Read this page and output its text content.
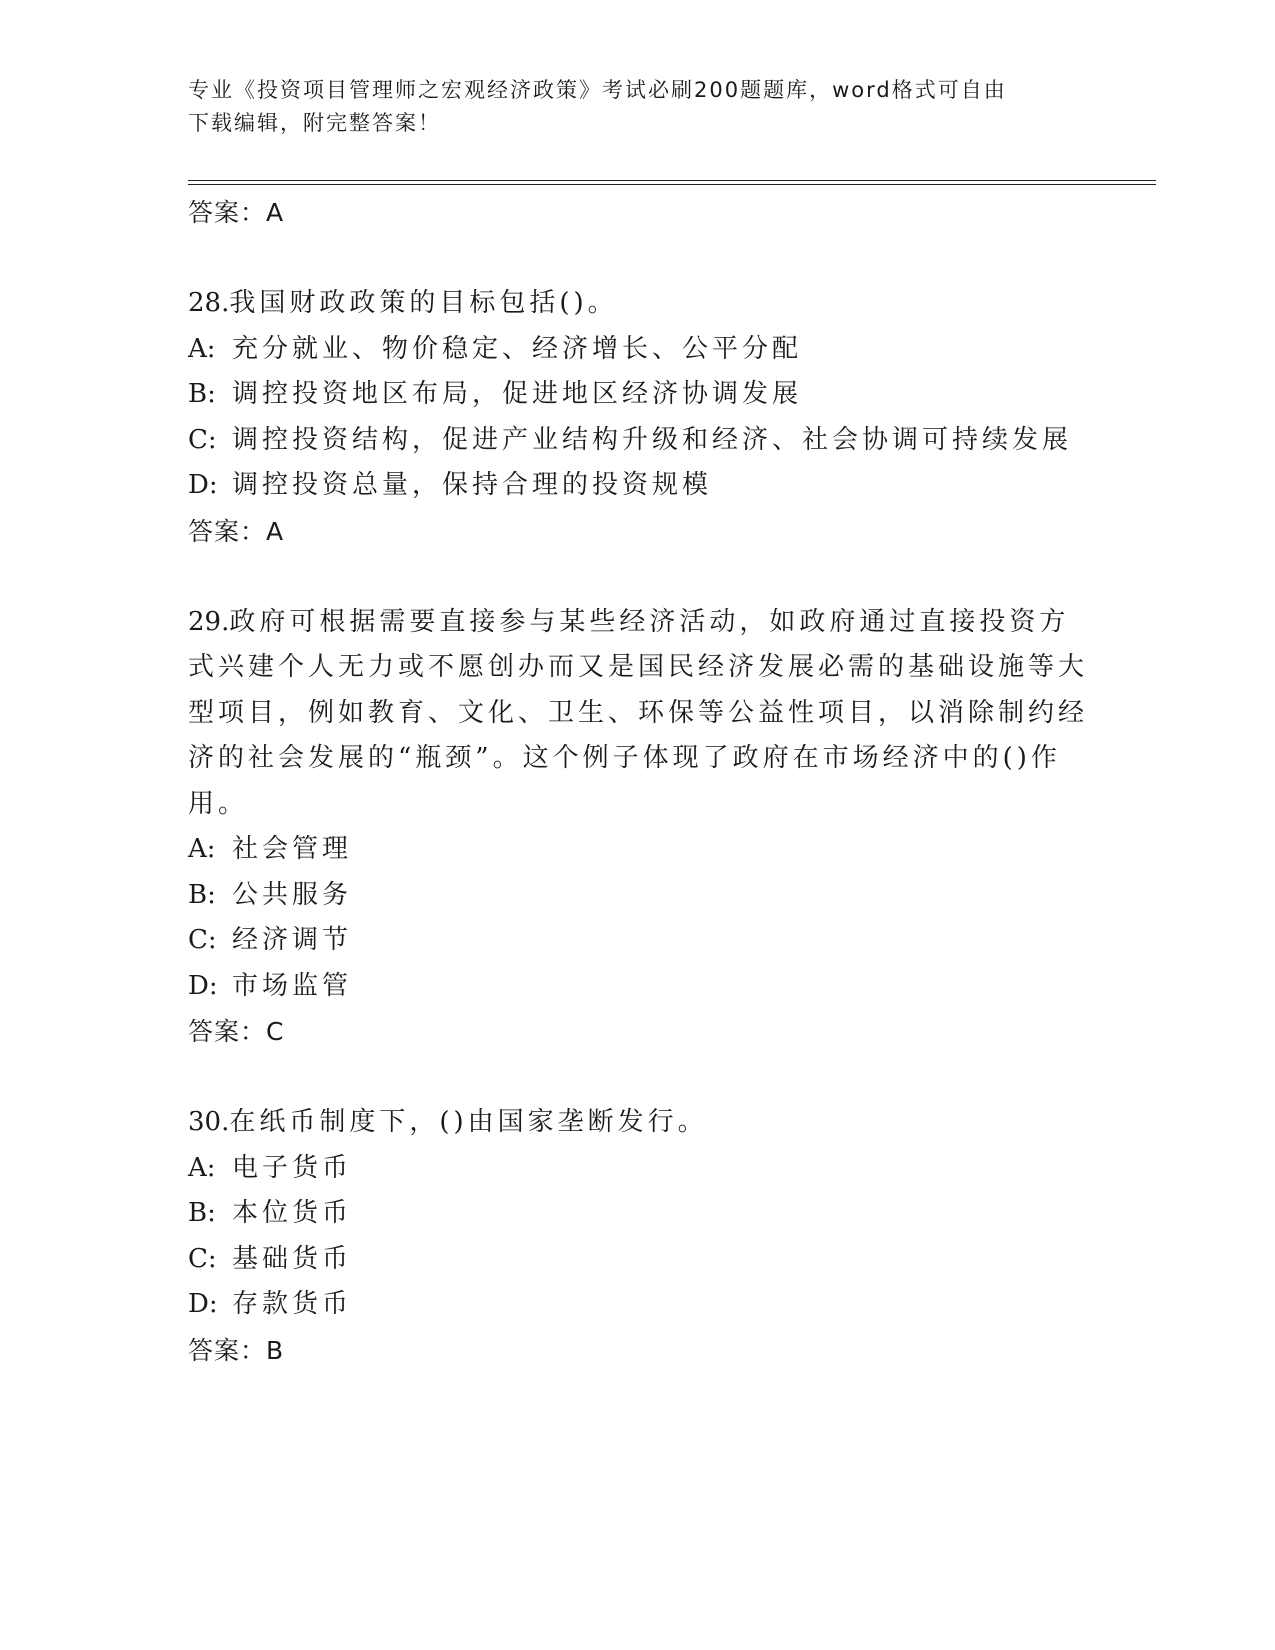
专业《投资项目管理师之宏观经济政策》考试必刷200题题库，word格式可自由
下载编辑，附完整答案！
答案：A

28.我国财政政策的目标包括()。

A: 充分就业、物价稳定、经济增长、公平分配
B: 调控投资地区布局，促进地区经济协调发展
C: 调控投资结构，促进产业结构升级和经济、社会协调可持续发展
D: 调控投资总量，保持合理的投资规模
答案：A

29.政府可根据需要直接参与某些经济活动，如政府通过直接投资方式兴建个人无力或不愿创办而又是国民经济发展必需的基础设施等大型项目，例如教育、文化、卫生、环保等公益性项目，以消除制约经济的社会发展的“瓶颈”。这个例子体现了政府在市场经济中的()作用。

A: 社会管理
B: 公共服务
C: 经济调节
D: 市场监管
答案：C

30.在纸币制度下，()由国家垄断发行。

A: 电子货币
B: 本位货币
C: 基础货币
D: 存款货币
答案：B
